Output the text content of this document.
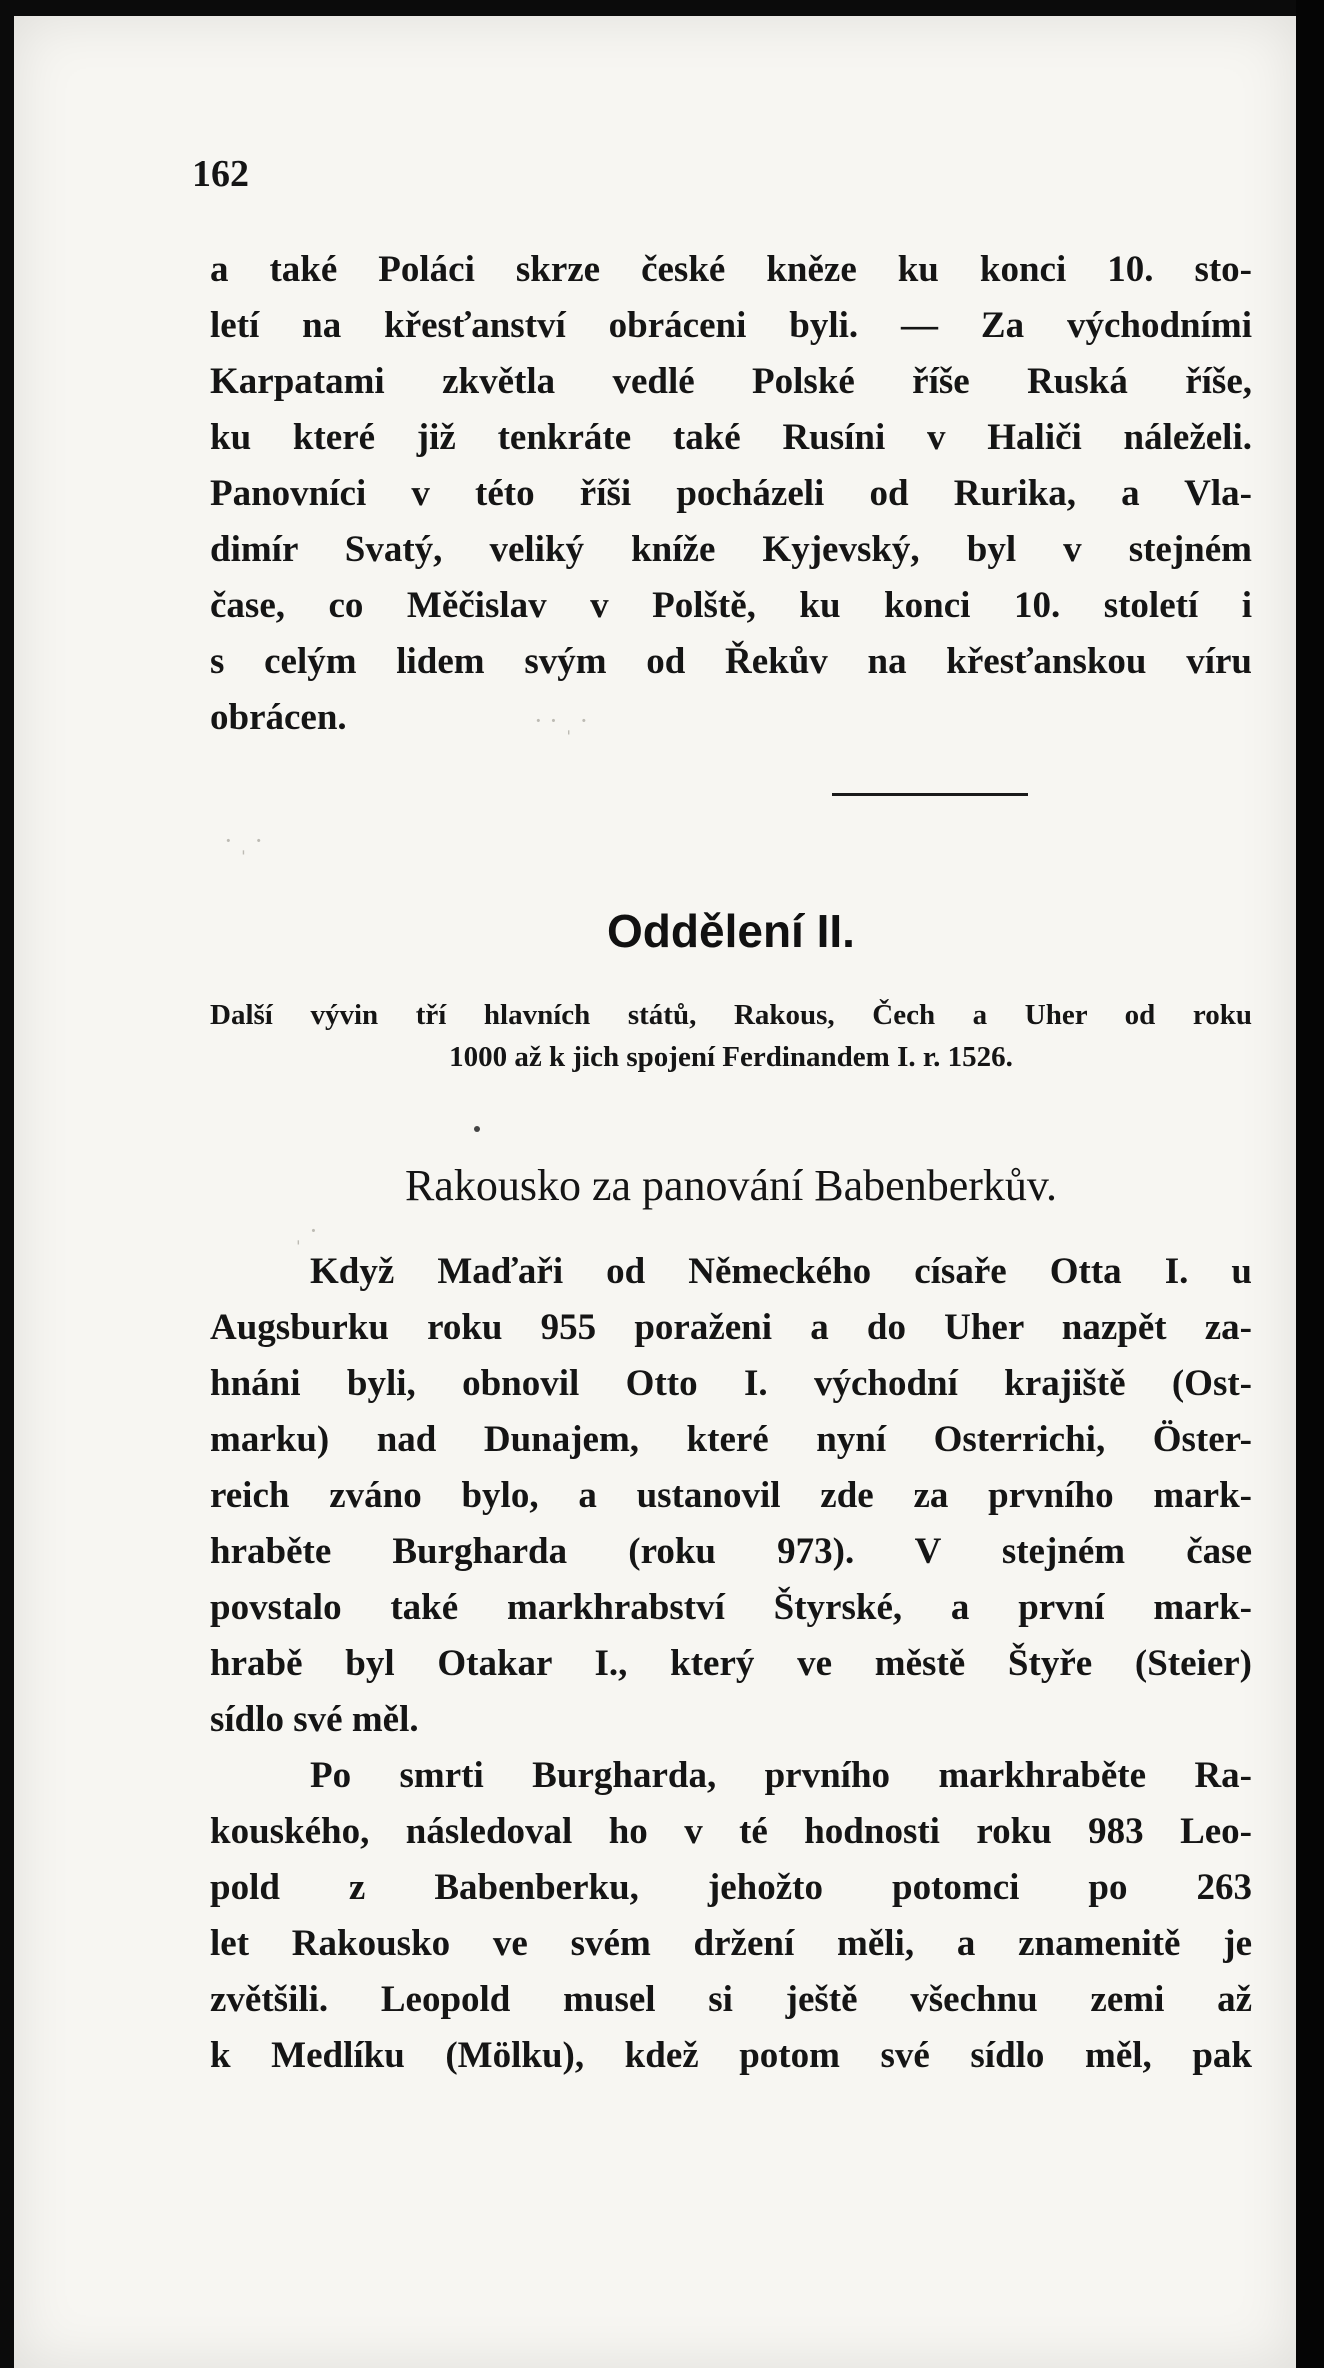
· · ˌ ·
· ˌ ·
ˌ ·
162
a také Poláci skrze české kněze ku konci 10. sto-
letí na křesťanství obráceni byli. — Za východními
Karpatami zkvětla vedlé Polské říše Ruská říše,
ku které již tenkráte také Rusíni v Haliči náleželi.
Panovníci v této říši pocházeli od Rurika, a Vla-
dimír Svatý, veliký kníže Kyjevský, byl v stejném
čase, co Měčislav v Polště, ku konci 10. století i
s celým lidem svým od Řekův na křesťanskou víru
obrácen.
Oddělení II.
Další vývin tří hlavních států, Rakous, Čech a Uher od roku
1000 až k jich spojení Ferdinandem I. r. 1526.
Rakousko za panování Babenberkův.
Když Maďaři od Německého císaře Otta I. u
Augsburku roku 955 poraženi a do Uher nazpět za-
hnáni byli, obnovil Otto I. východní krajiště (Ost-
marku) nad Dunajem, které nyní Osterrichi, Öster-
reich zváno bylo, a ustanovil zde za prvního mark-
hraběte Burgharda (roku 973). V stejném čase
povstalo také markhrabství Štyrské, a první mark-
hrabě byl Otakar I., který ve městě Štyře (Steier)
sídlo své měl.
Po smrti Burgharda, prvního markhraběte Ra-
kouského, následoval ho v té hodnosti roku 983 Leo-
pold z Babenberku, jehožto potomci po 263
let Rakousko ve svém držení měli, a znamenitě je
zvětšili. Leopold musel si ještě všechnu zemi až
k Medlíku (Mölku), kdež potom své sídlo měl, pak
